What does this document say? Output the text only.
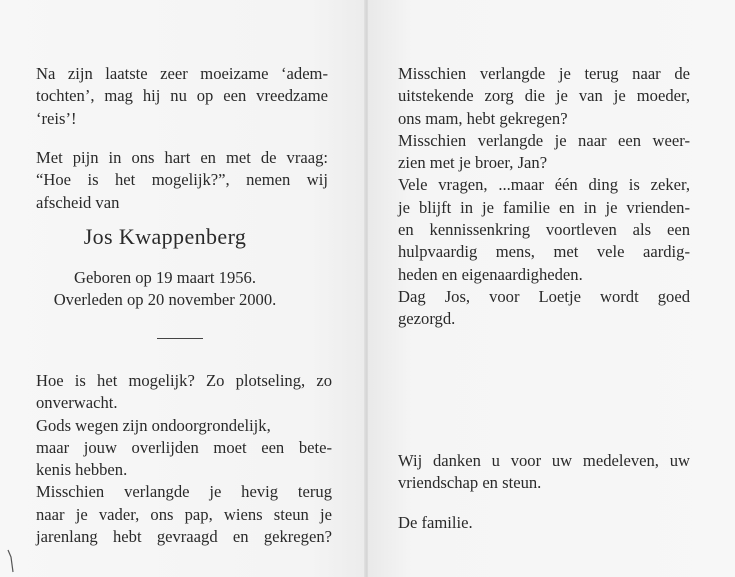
Na zijn laatste zeer moeizame ‘adem-
tochten’, mag hij nu op een vreedzame
‘reis’!

Met pijn in ons hart en met de vraag:
“Hoe is het mogelijk?”, nemen wij
afscheid van

Jos Kwappenberg

Geboren op 19 maart 1956.
Overleden op 20 november 2000.

Hoe is het mogelijk? Zo plotseling, zo
onverwacht.
Gods wegen zijn ondoorgrondelijk,
maar jouw overlijden moet een bete-
kenis hebben.
Misschien verlangde je hevig terug
naar je vader, ons pap, wiens steun je
jarenlang hebt gevraagd en gekregen?

Misschien verlangde je terug naar de
uitstekende zorg die je van je moeder,
ons mam, hebt gekregen?
Misschien verlangde je naar een weer-
zien met je broer, Jan?
Vele vragen, ...maar één ding is zeker,
je blijft in je familie en in je vrienden-
en kennissenkring voortleven als een
hulpvaardig mens, met vele aardig-
heden en eigenaardigheden.

Dag Jos, voor Loetje wordt goed
gezorgd.

Wij danken u voor uw medeleven, uw
vriendschap en steun.

De familie.
